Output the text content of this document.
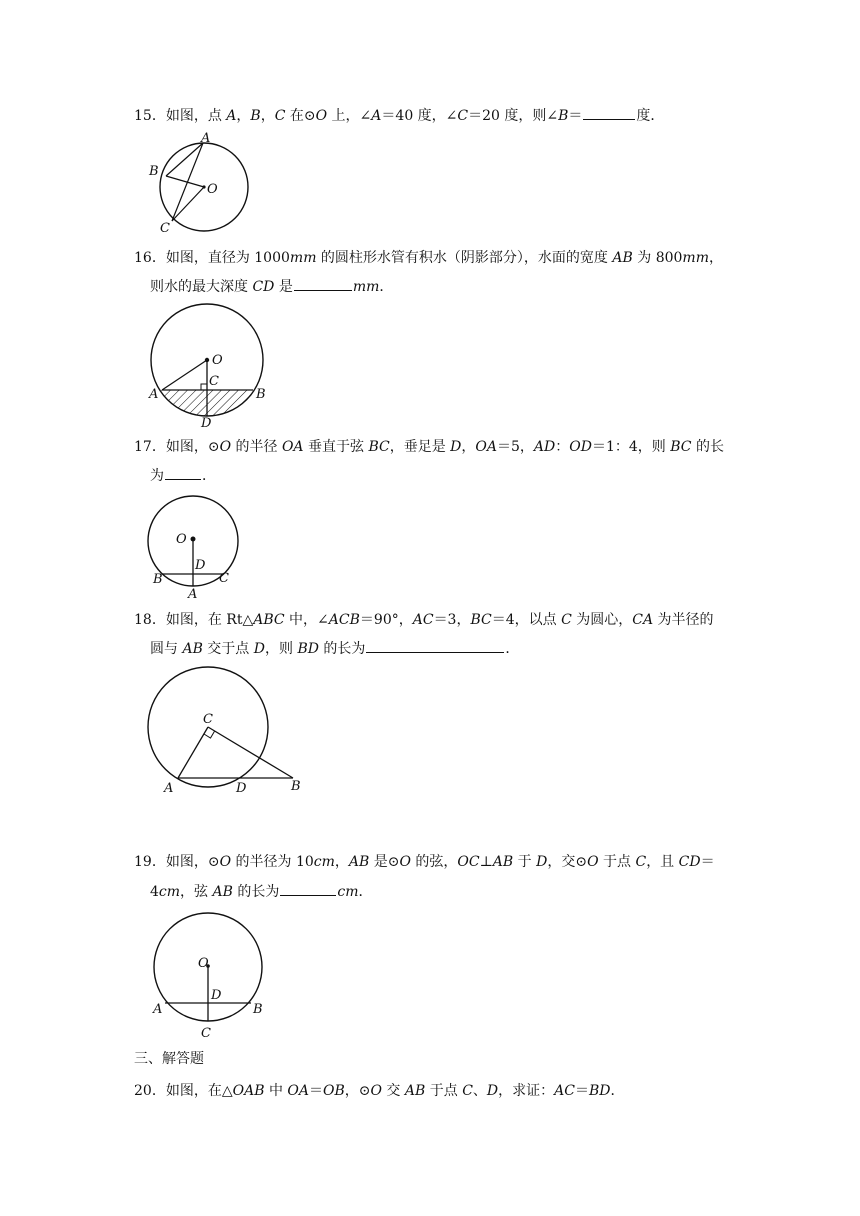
15．如图，点 A，B，C 在⊙O 上，∠A＝40 度，∠C＝20 度，则∠B＝	度．
A
B
O
C
16．如图，直径为 1000mm 的圆柱形水管有积水（阴影部分），水面的宽度 AB 为 800mm，
则水的最大深度 CD 是	mm．
O
C
A	B
D
17．如图，⊙O 的半径 OA 垂直于弦 BC，垂足是 D，OA＝5，AD：OD＝1：4，则 BC 的长
为	．
O
D
B	C
A
18．如图，在 Rt△ABC 中，∠ACB＝90°，AC＝3，BC＝4，以点 C 为圆心，CA 为半径的
圆与 AB 交于点 D，则 BD 的长为	．
C
A	D	B
19．如图，⊙O 的半径为 10cm，AB 是⊙O 的弦，OC⊥AB 于 D，交⊙O 于点 C，且 CD＝
4cm，弦 AB 的长为	cm．
O
D
A	B
C
三、解答题
20．如图，在△OAB 中 OA＝OB，⊙O 交 AB 于点 C、D，求证：AC＝BD．
